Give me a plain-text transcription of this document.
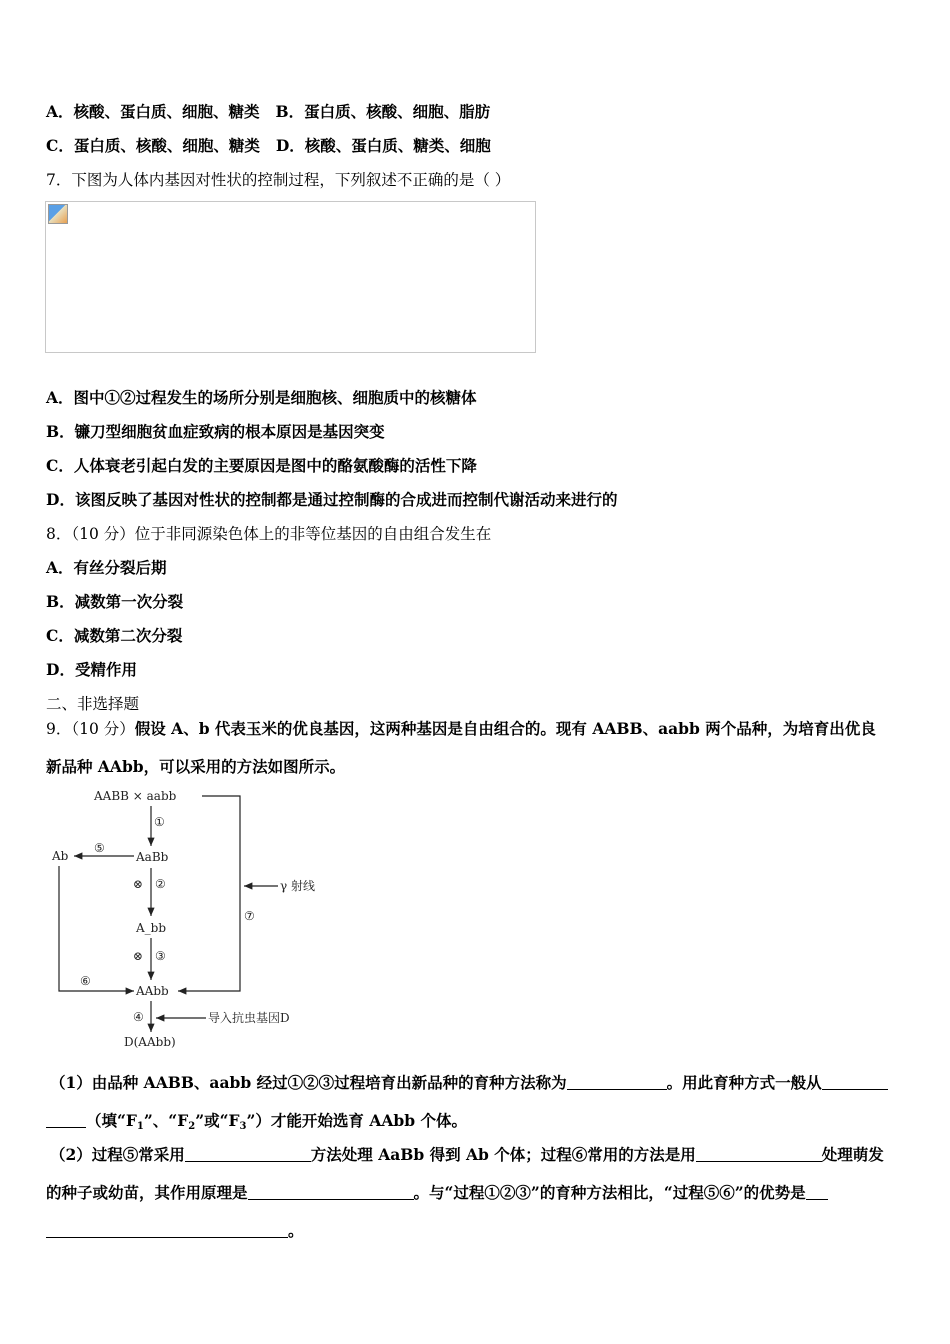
A．核酸、蛋白质、细胞、糖类 B．蛋白质、核酸、细胞、脂肪
C．蛋白质、核酸、细胞、糖类 D．核酸、蛋白质、糖类、细胞
7．下图为人体内基因对性状的控制过程，下列叙述不正确的是（ ）
A．图中①②过程发生的场所分别是细胞核、细胞质中的核糖体
B．镰刀型细胞贫血症致病的根本原因是基因突变
C．人体衰老引起白发的主要原因是图中的酪氨酸酶的活性下降
D．该图反映了基因对性状的控制都是通过控制酶的合成进而控制代谢活动来进行的
8．（10 分）位于非同源染色体上的非等位基因的自由组合发生在
A．有丝分裂后期
B．减数第一次分裂
C．减数第二次分裂
D．受精作用
二、非选择题
9．（10 分）假设 A、b 代表玉米的优良基因，这两种基因是自由组合的。现有 AABB、aabb 两个品种，为培育出优良
新品种 AAbb，可以采用的方法如图所示。
AABB × aabb
①
AaBb
⑤
Ab
⑥
⊗ ②
A_bb
⊗ ③
AAbb
γ 射线
⑦
④	导入抗虫基因D
D(AAbb)
（1）由品种 AABB、aabb 经过①②③过程培育出新品种的育种方法称为	。用此育种方式一般从
（填“$F_1$”、“$F_2$”或“$F_3$”）才能开始选育 AAbb 个体。
（2）过程⑤常采用	方法处理 AaBb 得到 Ab 个体；过程⑥常用的方法是用	处理萌发
的种子或幼苗，其作用原理是	。与“过程①②③”的育种方法相比，“过程⑤⑥”的优势是
。
